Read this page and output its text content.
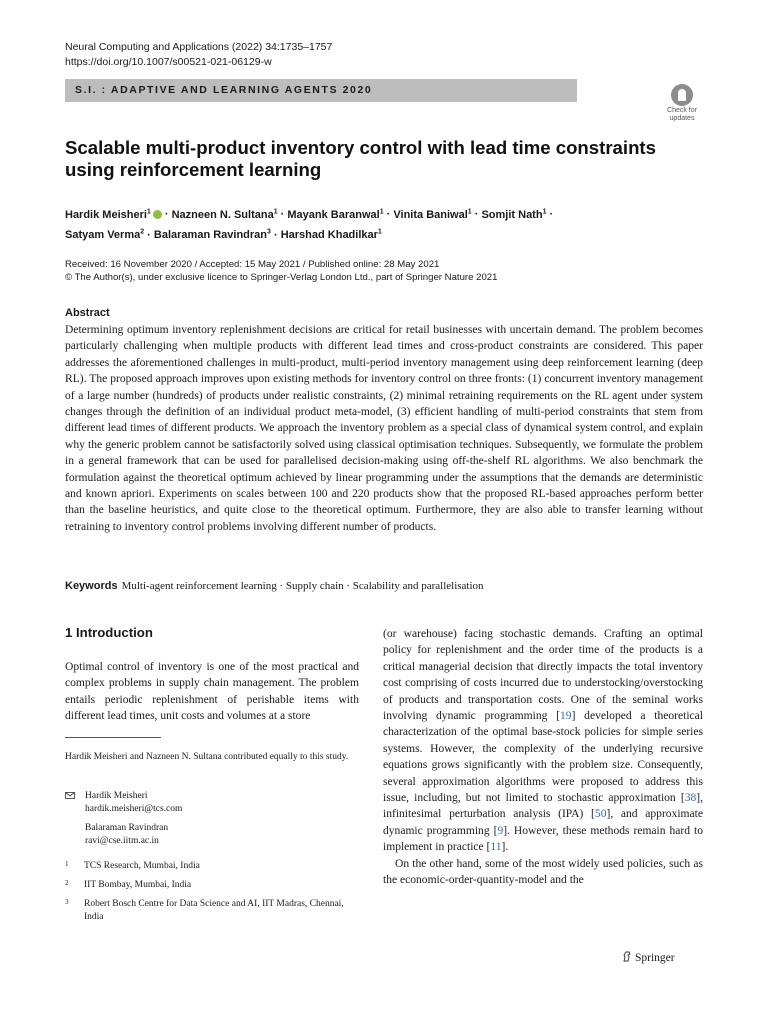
Neural Computing and Applications (2022) 34:1735–1757
https://doi.org/10.1007/s00521-021-06129-w
S.I. : ADAPTIVE AND LEARNING AGENTS 2020
Check for
updates
Scalable multi-product inventory control with lead time constraints using reinforcement learning
Hardik Meisheri$^1$ · Nazneen N. Sultana$^1$ · Mayank Baranwal$^1$ · Vinita Baniwal$^1$ · Somjit Nath$^1$ ·
Satyam Verma$^2$ · Balaraman Ravindran$^3$ · Harshad Khadilkar$^1$
Received: 16 November 2020 / Accepted: 15 May 2021 / Published online: 28 May 2021
© The Author(s), under exclusive licence to Springer-Verlag London Ltd., part of Springer Nature 2021
Abstract
Determining optimum inventory replenishment decisions are critical for retail businesses with uncertain demand. The problem becomes particularly challenging when multiple products with different lead times and cross-product constraints are considered. This paper addresses the aforementioned challenges in multi-product, multi-period inventory management using deep reinforcement learning (deep RL). The proposed approach improves upon existing methods for inventory control on three fronts: (1) concurrent inventory management of a large number (hundreds) of products under realistic constraints, (2) minimal retraining requirements on the RL agent under system changes through the definition of an individual product meta-model, (3) efficient handling of multi-period constraints that stem from different lead times of different products. We approach the inventory problem as a special class of dynamical system control, and explain why the generic problem cannot be satisfactorily solved using classical optimisation techniques. Subsequently, we formulate the problem in a general framework that can be used for parallelised decision-making using off-the-shelf RL algorithms. We also benchmark the formulation against the theoretical optimum achieved by linear programming under the assumptions that the demands are deterministic and known apriori. Experiments on scales between 100 and 220 products show that the proposed RL-based approaches perform better than the baseline heuristics, and quite close to the theoretical optimum. Furthermore, they are also able to transfer learning without retraining to inventory control problems involving different number of products.
Keywords Multi-agent reinforcement learning · Supply chain · Scalability and parallelisation
1 Introduction
Optimal control of inventory is one of the most practical and complex problems in supply chain management. The problem entails periodic replenishment of perishable items with different lead times, unit costs and volumes at a store
Hardik Meisheri and Nazneen N. Sultana contributed equally to this study.
Hardik Meisheri
hardik.meisheri@tcs.com
Balaraman Ravindran
ravi@cse.iitm.ac.in
1 TCS Research, Mumbai, India
2 IIT Bombay, Mumbai, India
3 Robert Bosch Centre for Data Science and AI, IIT Madras, Chennai, India

(or warehouse) facing stochastic demands. Crafting an optimal policy for replenishment and the order time of the products is a critical managerial decision that directly impacts the total inventory cost comprising of costs incurred due to understocking/overstocking of products and transportation costs. One of the seminal works involving dynamic programming [19] developed a theoretical characterization of the optimal base-stock policies for simple series systems. However, the complexity of the underlying recursive equations grows significantly with the problem size. Consequently, several approximation algorithms were proposed to address this issue, including, but not limited to stochastic approximation [38], infinitesimal perturbation analysis (IPA) [50], and approximate dynamic programming [9]. However, these methods remain hard to implement in practice [11].

On the other hand, some of the most widely used policies, such as the economic-order-quantity-model and the

Springer
